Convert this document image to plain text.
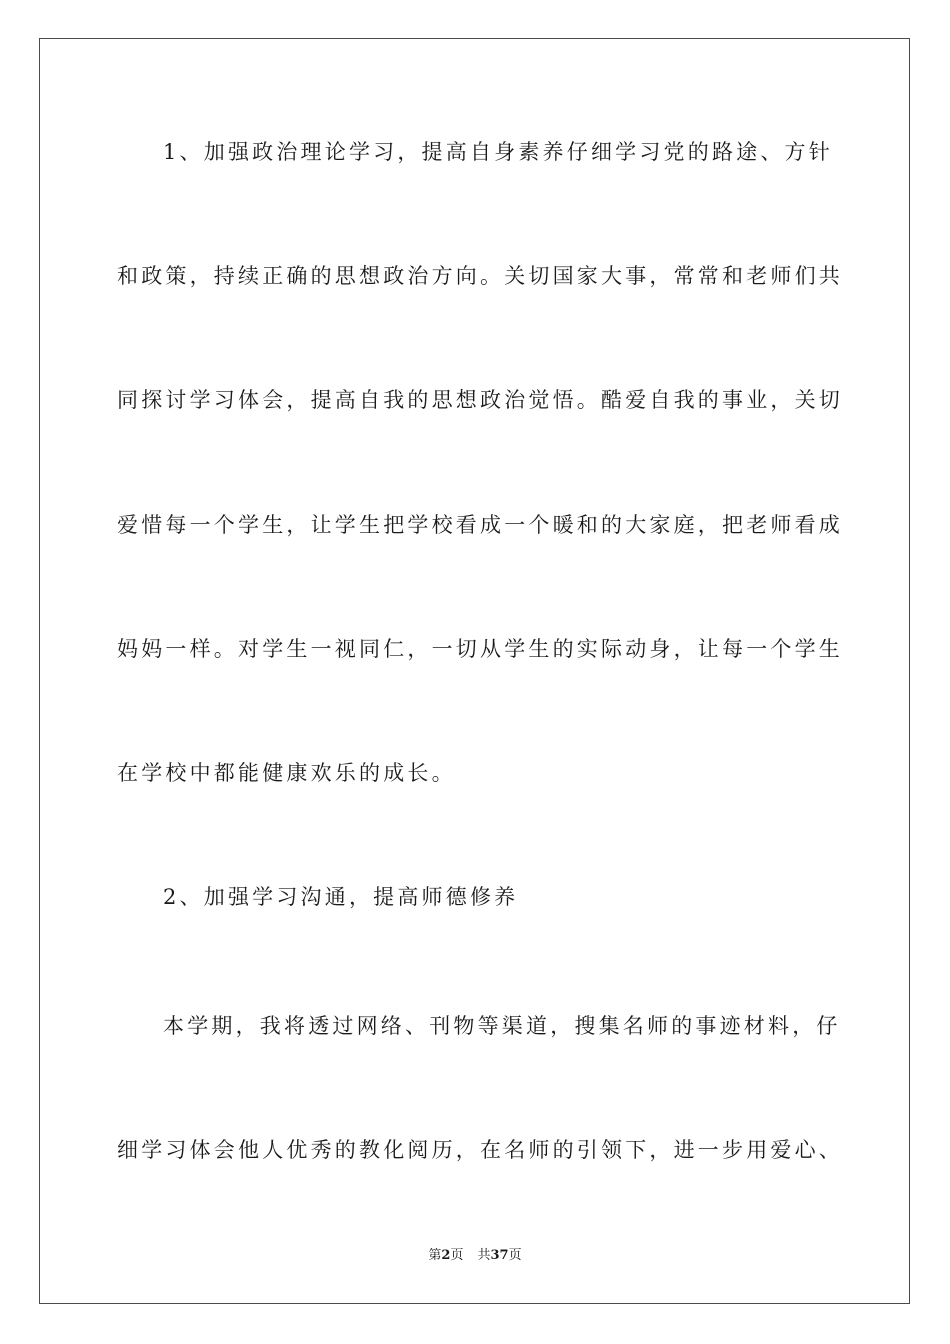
1、加强政治理论学习，提高自身素养仔细学习党的路途、方针
和政策，持续正确的思想政治方向。关切国家大事，常常和老师们共
同探讨学习体会，提高自我的思想政治觉悟。酷爱自我的事业，关切
爱惜每一个学生，让学生把学校看成一个暖和的大家庭，把老师看成
妈妈一样。对学生一视同仁，一切从学生的实际动身，让每一个学生
在学校中都能健康欢乐的成长。
2、加强学习沟通，提高师德修养
本学期，我将透过网络、刊物等渠道，搜集名师的事迹材料，仔
细学习体会他人优秀的教化阅历，在名师的引领下，进一步用爱心、
第2页 共37页
